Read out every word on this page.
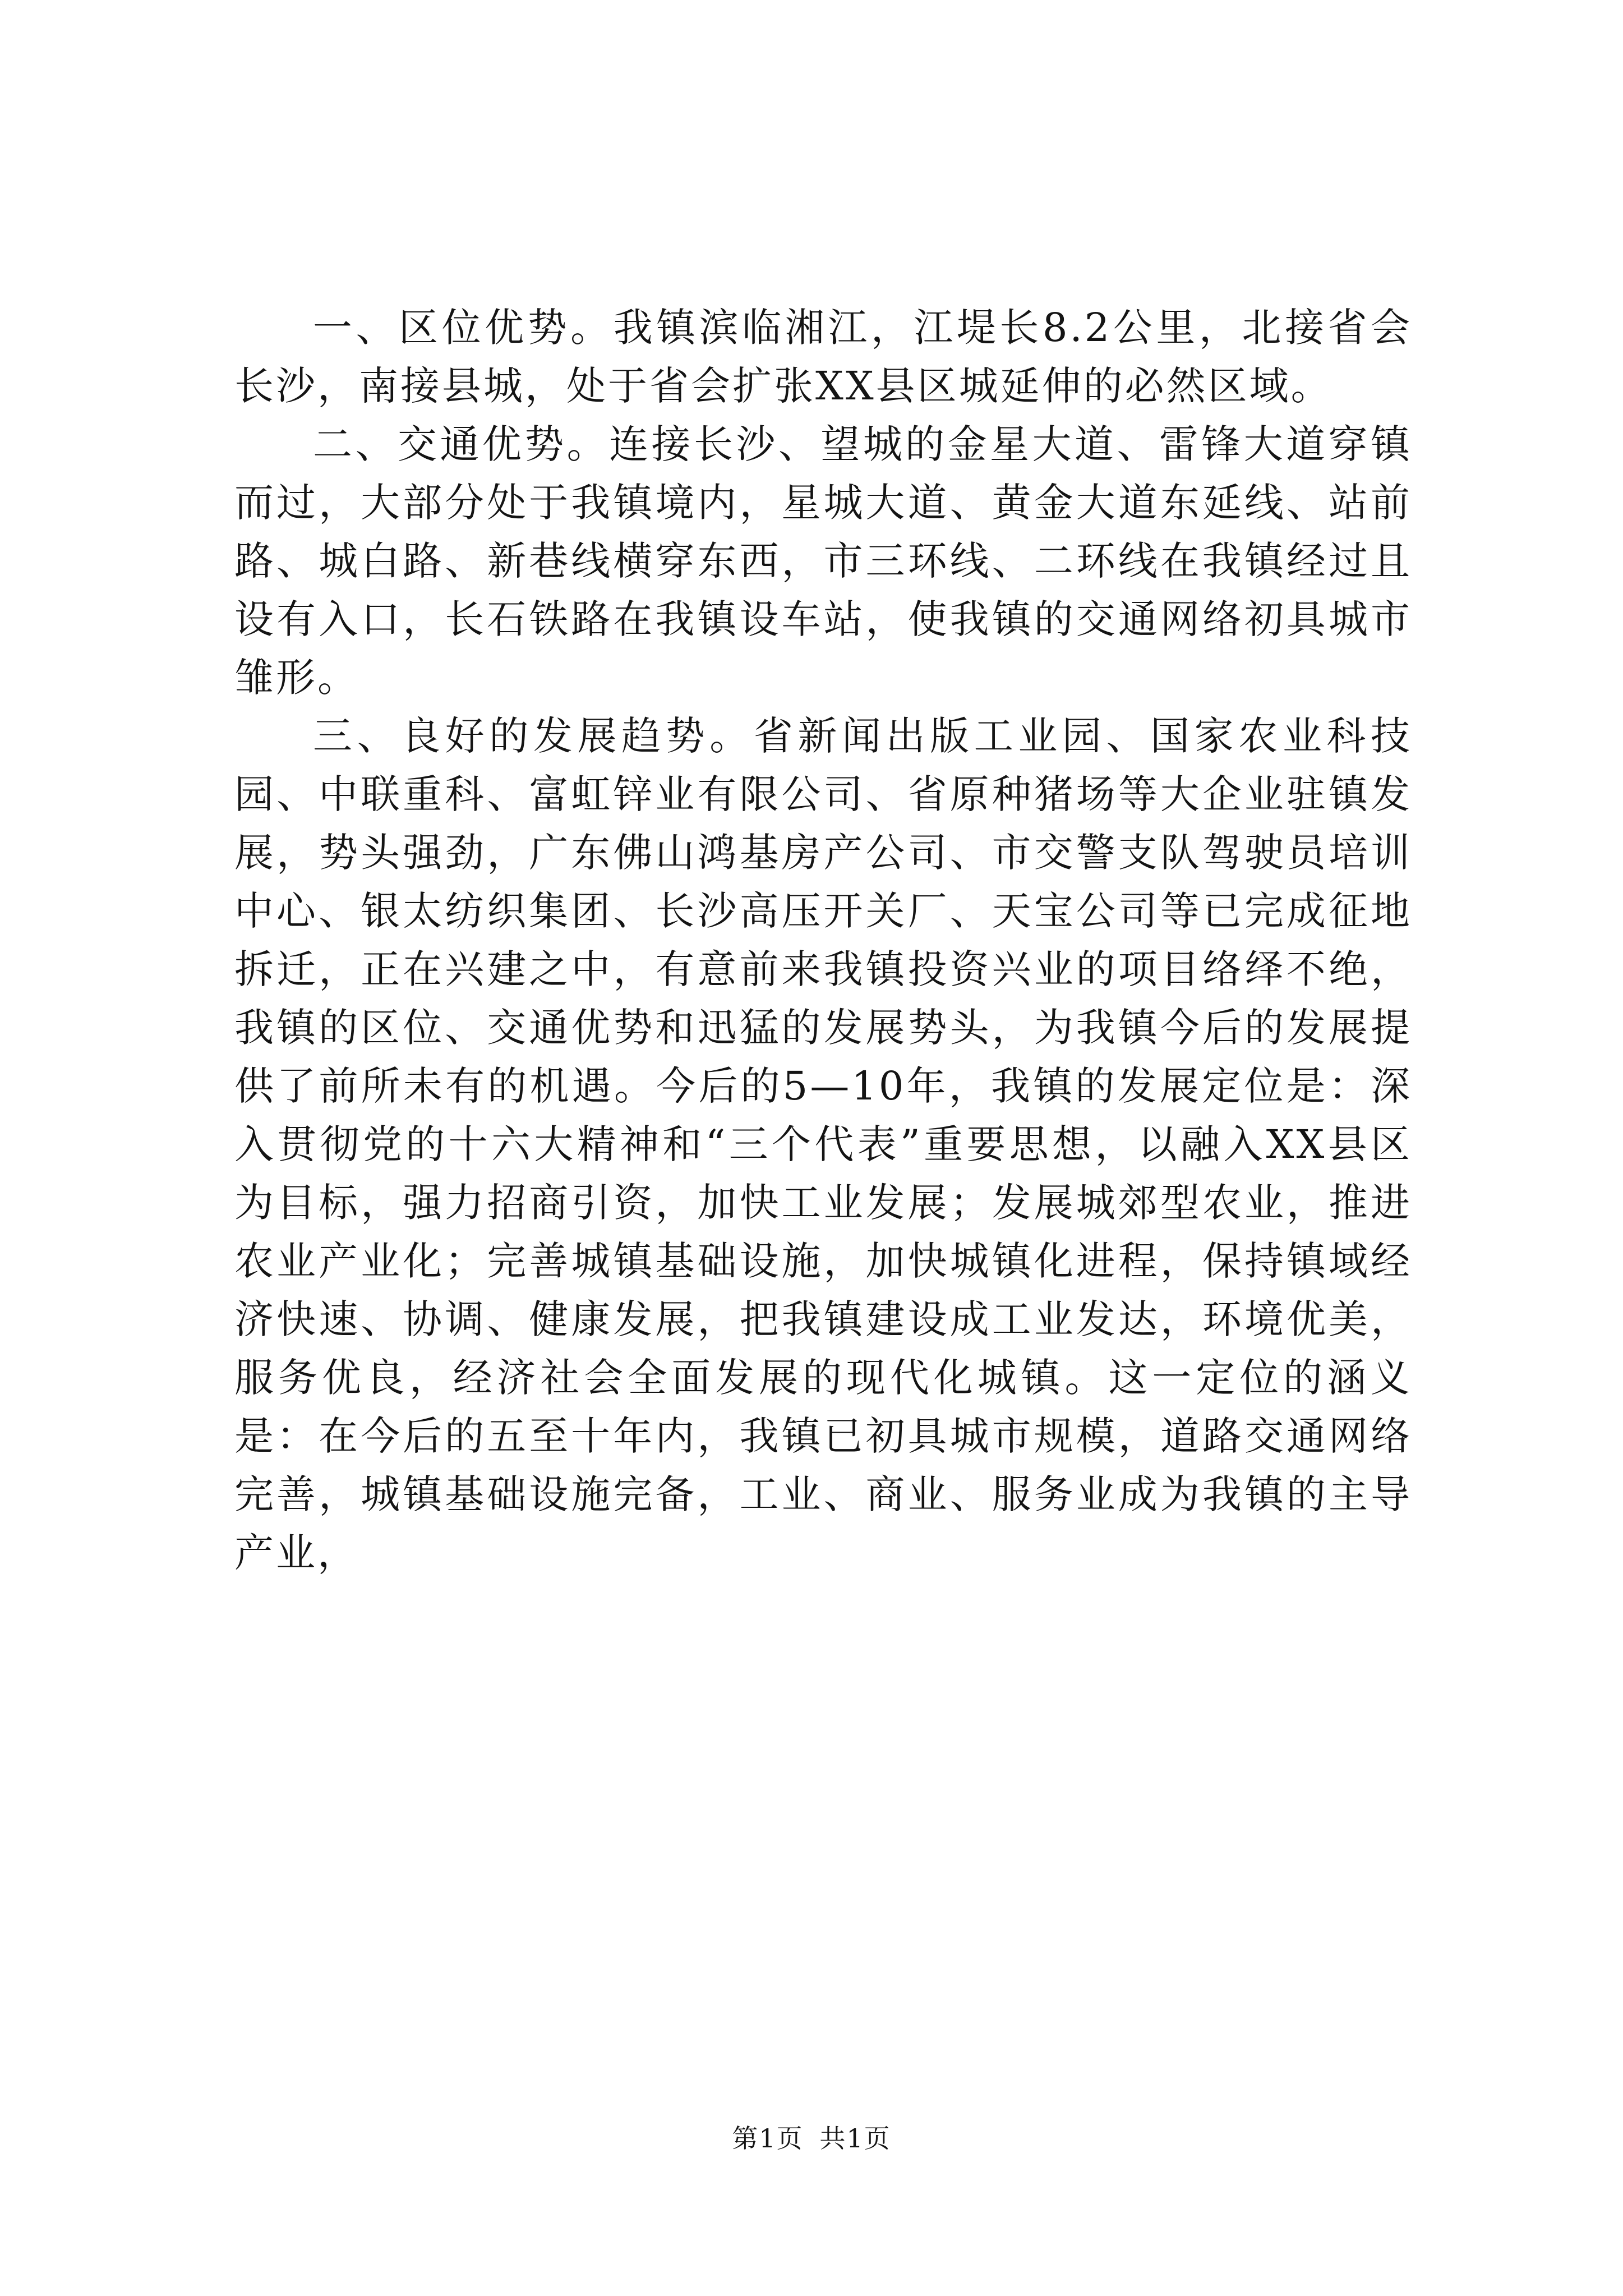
一、区位优势。我镇滨临湘江，江堤长8.2公里，北接省会长沙，南接县城，处于省会扩张XX县区城延伸的必然区域。

二、交通优势。连接长沙、望城的金星大道、雷锋大道穿镇而过，大部分处于我镇境内，星城大道、黄金大道东延线、站前路、城白路、新巷线横穿东西，市三环线、二环线在我镇经过且设有入口，长石铁路在我镇设车站，使我镇的交通网络初具城市雏形。

三、良好的发展趋势。省新闻出版工业园、国家农业科技园、中联重科、富虹锌业有限公司、省原种猪场等大企业驻镇发展，势头强劲，广东佛山鸿基房产公司、市交警支队驾驶员培训中心、银太纺织集团、长沙高压开关厂、天宝公司等已完成征地拆迁，正在兴建之中，有意前来我镇投资兴业的项目络绎不绝，我镇的区位、交通优势和迅猛的发展势头，为我镇今后的发展提供了前所未有的机遇。今后的5—10年，我镇的发展定位是：深入贯彻党的十六大精神和“三个代表”重要思想，以融入XX县区为目标，强力招商引资，加快工业发展；发展城郊型农业，推进农业产业化；完善城镇基础设施，加快城镇化进程，保持镇域经济快速、协调、健康发展，把我镇建设成工业发达，环境优美，服务优良，经济社会全面发展的现代化城镇。这一定位的涵义是：在今后的五至十年内，我镇已初具城市规模，道路交通网络完善，城镇基础设施完备，工业、商业、服务业成为我镇的主导产业，

第1页 共1页
